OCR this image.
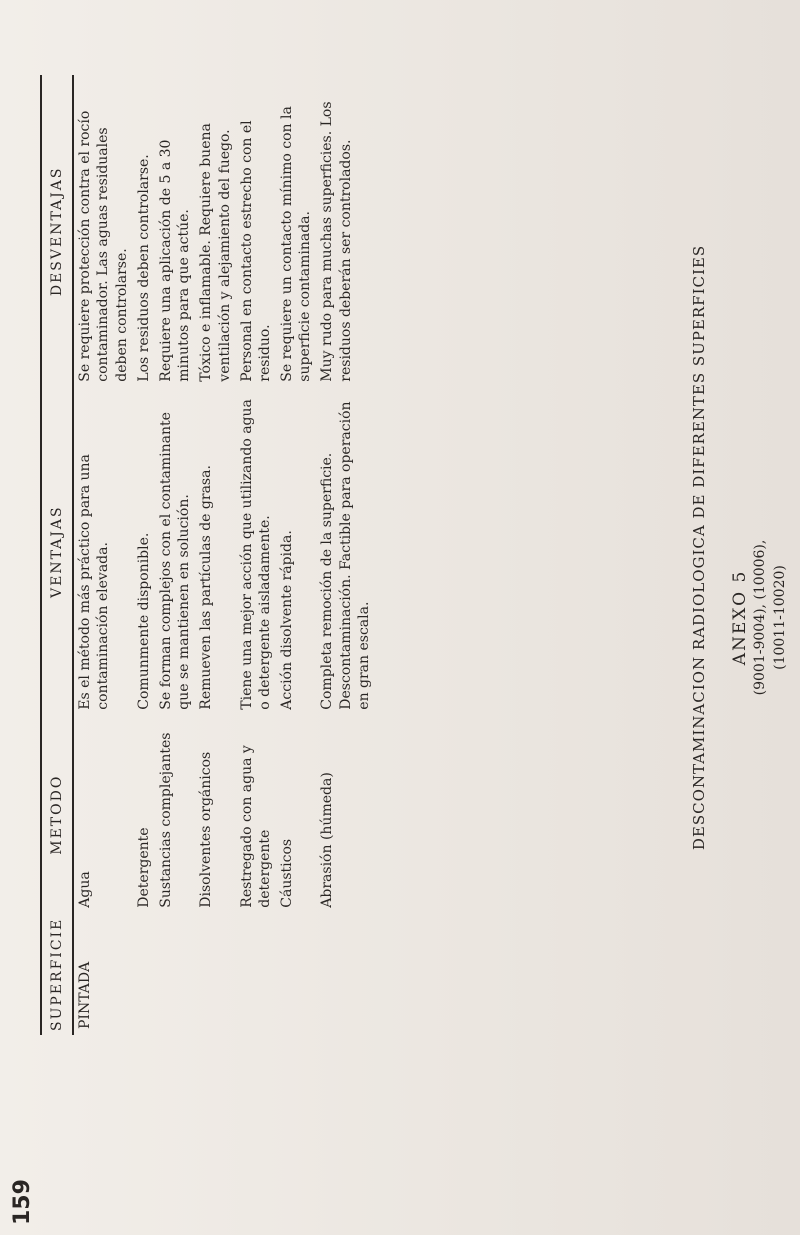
159
ANEXO 5 (9001-9004), (10006), (10011-10020)
DESCONTAMINACION RADIOLOGICA DE DIFERENTES SUPERFICIES
SUPERFICIE	METODO	VENTAJAS	DESVENTAJAS
PINTADA	Agua	Es el método más práctico para una contaminación elevada.	Se requiere protección contra el rocío contaminador. Las aguas residuales deben controlarse.
	Detergente	Comunmente disponible.	Los residuos deben controlarse.
	Sustancias complejantes	Se forman complejos con el contaminante que se mantienen en solución.	Requiere una aplicación de 5 a 30 minutos para que actúe.
	Disolventes orgánicos	Remueven las partículas de grasa.	Tóxico e inflamable. Requiere buena ventilación y alejamiento del fuego.
	Restregado con agua y detergente	Tiene una mejor acción que utilizando agua o detergente aisladamente.	Personal en contacto estrecho con el residuo.
	Cáusticos	Acción disolvente rápida.	Se requiere un contacto mínimo con la superficie contaminada.
	Abrasión (húmeda)	Completa remoción de la superficie. Descontaminación. Factible para operación en gran escala.	Muy rudo para muchas superficies. Los residuos deberán ser controlados.
